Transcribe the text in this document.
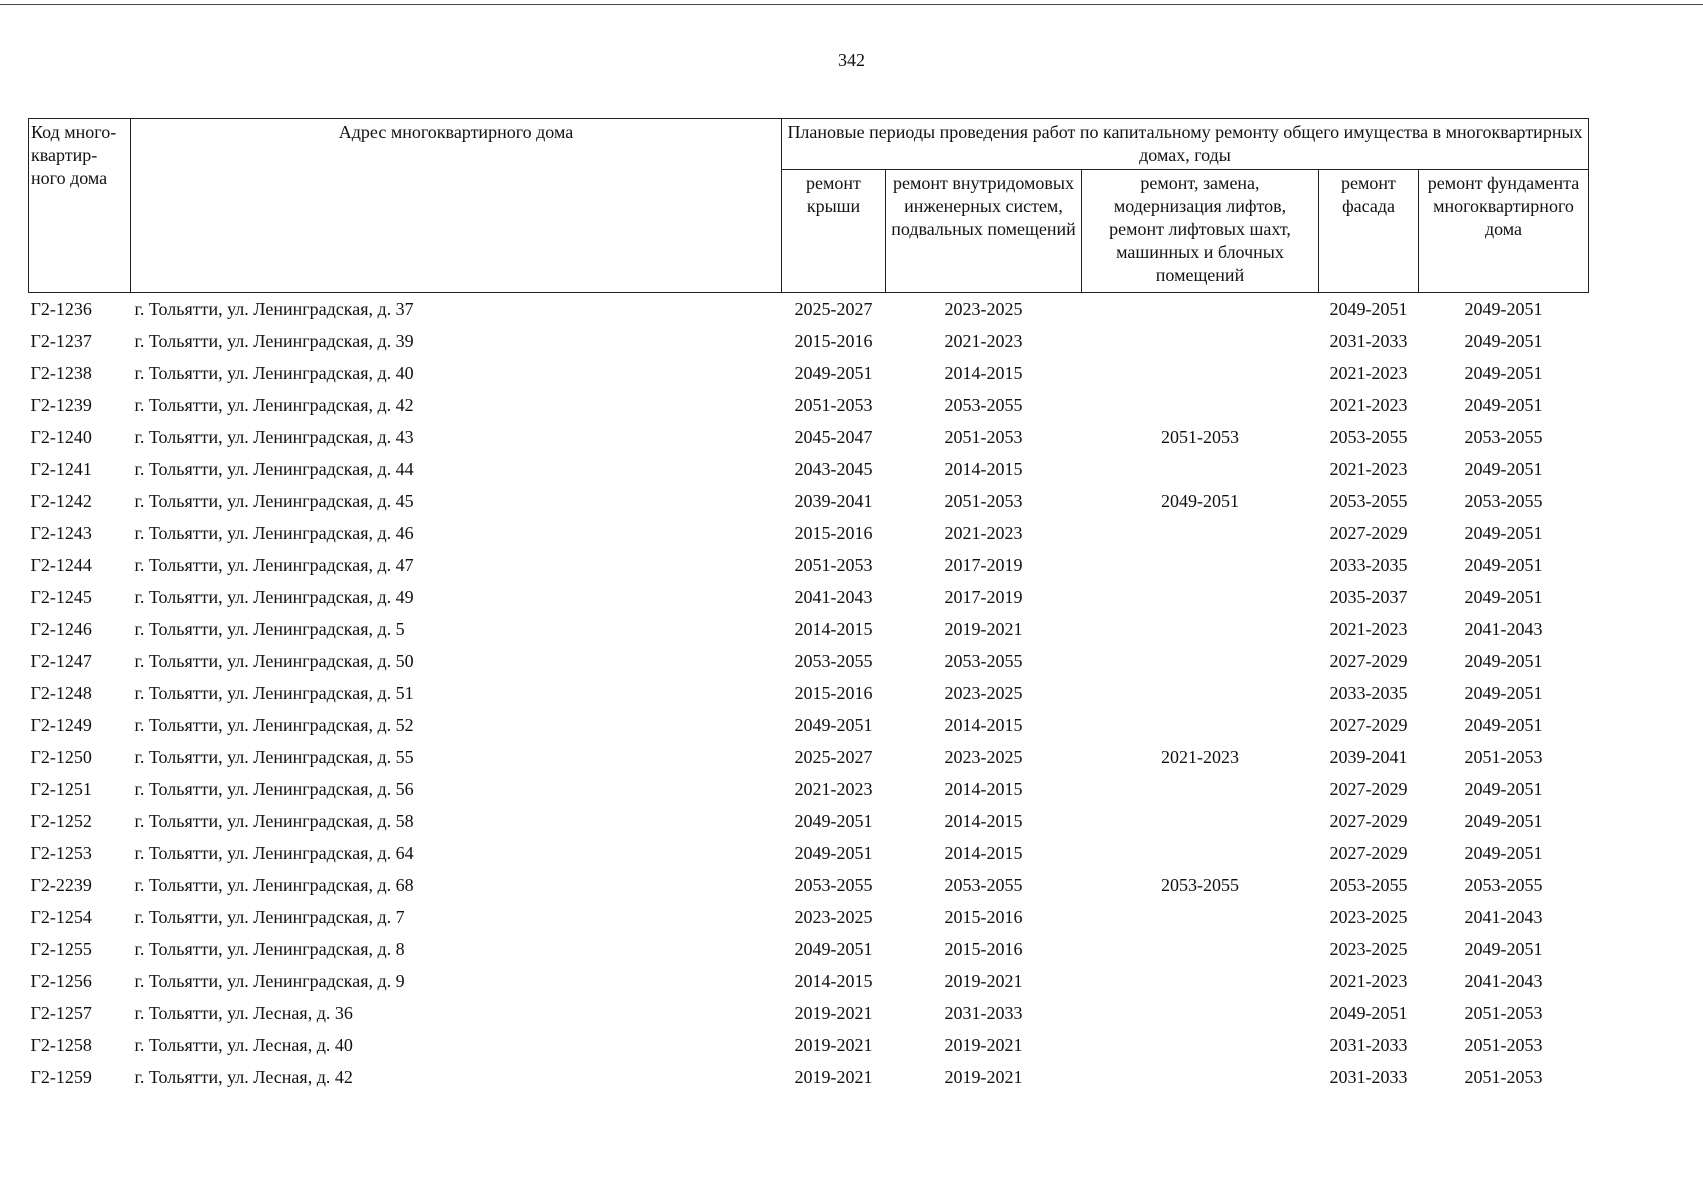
342
Код много-квартир-ного дома	Адрес многоквартирного дома	Плановые периоды проведения работ по капитальному ремонту общего имущества в многоквартирных домах, годы				
		ремонт крыши	ремонт внутридомовых инженерных систем, подвальных помещений	ремонт, замена, модернизация лифтов, ремонт лифтовых шахт, машинных и блочных помещений	ремонт фасада	ремонт фундамента многоквартирного дома
Г2-1236	г. Тольятти, ул. Ленинградская, д. 37	2025-2027	2023-2025		2049-2051	2049-2051
Г2-1237	г. Тольятти, ул. Ленинградская, д. 39	2015-2016	2021-2023		2031-2033	2049-2051
Г2-1238	г. Тольятти, ул. Ленинградская, д. 40	2049-2051	2014-2015		2021-2023	2049-2051
Г2-1239	г. Тольятти, ул. Ленинградская, д. 42	2051-2053	2053-2055		2021-2023	2049-2051
Г2-1240	г. Тольятти, ул. Ленинградская, д. 43	2045-2047	2051-2053	2051-2053	2053-2055	2053-2055
Г2-1241	г. Тольятти, ул. Ленинградская, д. 44	2043-2045	2014-2015		2021-2023	2049-2051
Г2-1242	г. Тольятти, ул. Ленинградская, д. 45	2039-2041	2051-2053	2049-2051	2053-2055	2053-2055
Г2-1243	г. Тольятти, ул. Ленинградская, д. 46	2015-2016	2021-2023		2027-2029	2049-2051
Г2-1244	г. Тольятти, ул. Ленинградская, д. 47	2051-2053	2017-2019		2033-2035	2049-2051
Г2-1245	г. Тольятти, ул. Ленинградская, д. 49	2041-2043	2017-2019		2035-2037	2049-2051
Г2-1246	г. Тольятти, ул. Ленинградская, д. 5	2014-2015	2019-2021		2021-2023	2041-2043
Г2-1247	г. Тольятти, ул. Ленинградская, д. 50	2053-2055	2053-2055		2027-2029	2049-2051
Г2-1248	г. Тольятти, ул. Ленинградская, д. 51	2015-2016	2023-2025		2033-2035	2049-2051
Г2-1249	г. Тольятти, ул. Ленинградская, д. 52	2049-2051	2014-2015		2027-2029	2049-2051
Г2-1250	г. Тольятти, ул. Ленинградская, д. 55	2025-2027	2023-2025	2021-2023	2039-2041	2051-2053
Г2-1251	г. Тольятти, ул. Ленинградская, д. 56	2021-2023	2014-2015		2027-2029	2049-2051
Г2-1252	г. Тольятти, ул. Ленинградская, д. 58	2049-2051	2014-2015		2027-2029	2049-2051
Г2-1253	г. Тольятти, ул. Ленинградская, д. 64	2049-2051	2014-2015		2027-2029	2049-2051
Г2-2239	г. Тольятти, ул. Ленинградская, д. 68	2053-2055	2053-2055	2053-2055	2053-2055	2053-2055
Г2-1254	г. Тольятти, ул. Ленинградская, д. 7	2023-2025	2015-2016		2023-2025	2041-2043
Г2-1255	г. Тольятти, ул. Ленинградская, д. 8	2049-2051	2015-2016		2023-2025	2049-2051
Г2-1256	г. Тольятти, ул. Ленинградская, д. 9	2014-2015	2019-2021		2021-2023	2041-2043
Г2-1257	г. Тольятти, ул. Лесная, д. 36	2019-2021	2031-2033		2049-2051	2051-2053
Г2-1258	г. Тольятти, ул. Лесная, д. 40	2019-2021	2019-2021		2031-2033	2051-2053
Г2-1259	г. Тольятти, ул. Лесная, д. 42	2019-2021	2019-2021		2031-2033	2051-2053
